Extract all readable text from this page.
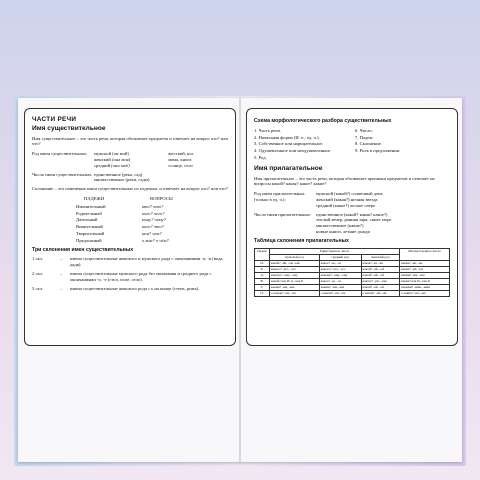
ЧАСТИ РЕЧИ
Имя существительное
Имя существительное – это часть речи, которая обозначает предметы и отвечает на вопрос кто? или что?
Род имен существительных:	мужской (он мой)	жесткий, нос
женский (она моя)	мама, книга
средний (оно моё)	солнце, село
Число имен существительных: единственное (река, сад)
множественное (реки, сады)
Склонение – это изменение имен существительных по падежам. и отвечает на вопрос кто? или что?
ПАДЕЖИ	ВОПРОСЫ
Именительный	кто? что?
Родительный	кого? чего?
Дательный	кому? чему?
Винительный	кого? что?
Творительный	кем? чем?
Предложный	о ком? о чём?
Три склонения имен существительных
1 скл.	–	имена существительные женского и мужского рода с окончаниями -а, -я (вода, дядя).
2 скл.	–	имена существительные мужского рода без окончания и среднего рода с окончаниями -о, -е (стол, поле, село).
3 скл.	–	имена существительные женского рода с ь на конце (степь, рожь).
Схема морфологического разбора существительных
1. Часть речи.
2. Начальная форма (И. п., ед. ч.).
3. Собственное или нарицательное.
4. Одушевленное или неодушевленное.
5. Род.
6. Число.
7. Падеж.
8. Склонение.
9. Роль в предложении.
Имя прилагательное
Имя прилагательное – это часть речи, которая обозначает признаки предметов и отвечает на вопросы какой? какая? какое? какие?
Род имен прилагательных (только в ед. ч.):
мужской (какой?) солнечный день
женский (какая?) ночная звезда
средний (какое?) лесное озеро
Число имен прилагательных:	единственное (какой? какая? какое?)
теплый вечер, ранняя заря, синее море
множественное (какие?)
новые книги, летние дожди
Таблица склонения прилагательных
Падеж	Единственное число			Множественное число
	мужской род	средний род	женский род	
И.	какой? -ий, -ой, -ый	какое? -ее, -ое	какая? -ая, -яя	какие? -ие, -ые
Р.	какого? -его, -ого	какого? -его, -ого	какой? -ей, -ой	каких? -их, -ых
Д.	какому? -ему, -ому	какому? -ему, -ому	какой? -ей, -ой	каким? -им, -ым
В.	какой? как И. п., как Р.	какое? -ее, -ое	какую? -ую, -юю	какие? как И., как Р.
Т.	каким? -им, -ым	каким? -им, -ым	какой? -ей, -ой	какими? -ими, -ыми
П.	о каком? -ем, -ом	о каком? -ем, -ом	о какой? -ей, -ой	о каких? -их, -ых
